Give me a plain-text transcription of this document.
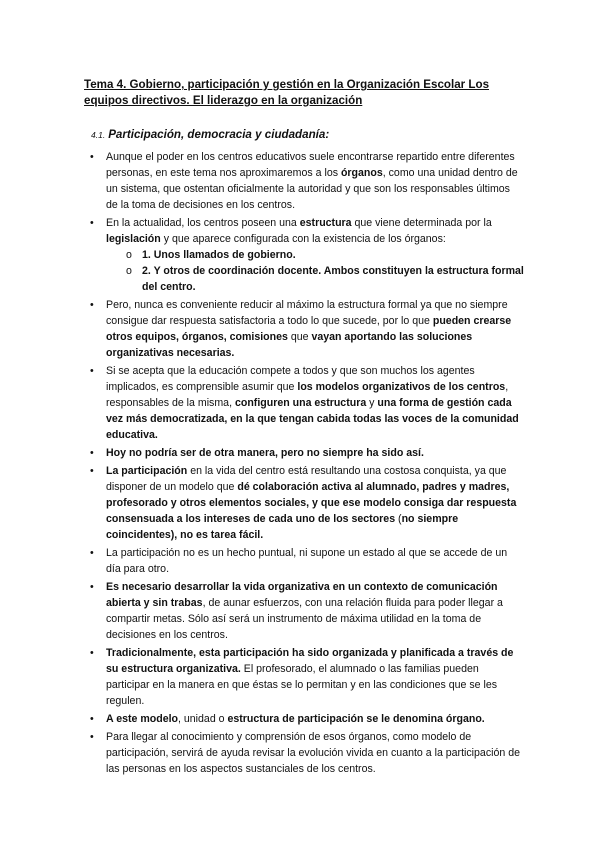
Tema 4. Gobierno, participación y gestión en la Organización Escolar Los equipos directivos. El liderazgo en la organización
4.1. Participación, democracia y ciudadanía:
• Aunque el poder en los centros educativos suele encontrarse repartido entre diferentes personas, en este tema nos aproximaremos a los órganos, como una unidad dentro de un sistema, que ostentan oficialmente la autoridad y que son los responsables últimos de la toma de decisiones en los centros.
• En la actualidad, los centros poseen una estructura que viene determinada por la legislación y que aparece configurada con la existencia de los órganos:
o 1. Unos llamados de gobierno.
o 2. Y otros de coordinación docente. Ambos constituyen la estructura formal del centro.
• Pero, nunca es conveniente reducir al máximo la estructura formal ya que no siempre consigue dar respuesta satisfactoria a todo lo que sucede, por lo que pueden crearse otros equipos, órganos, comisiones que vayan aportando las soluciones organizativas necesarias.
• Si se acepta que la educación compete a todos y que son muchos los agentes implicados, es comprensible asumir que los modelos organizativos de los centros, responsables de la misma, configuren una estructura y una forma de gestión cada vez más democratizada, en la que tengan cabida todas las voces de la comunidad educativa.
• Hoy no podría ser de otra manera, pero no siempre ha sido así.
• La participación en la vida del centro está resultando una costosa conquista, ya que disponer de un modelo que dé colaboración activa al alumnado, padres y madres, profesorado y otros elementos sociales, y que ese modelo consiga dar respuesta consensuada a los intereses de cada uno de los sectores (no siempre coincidentes), no es tarea fácil.
• La participación no es un hecho puntual, ni supone un estado al que se accede de un día para otro.
• Es necesario desarrollar la vida organizativa en un contexto de comunicación abierta y sin trabas, de aunar esfuerzos, con una relación fluida para poder llegar a compartir metas. Sólo así será un instrumento de máxima utilidad en la toma de decisiones en los centros.
• Tradicionalmente, esta participación ha sido organizada y planificada a través de su estructura organizativa. El profesorado, el alumnado o las familias pueden participar en la manera en que éstas se lo permitan y en las condiciones que se les regulen.
• A este modelo, unidad o estructura de participación se le denomina órgano.
• Para llegar al conocimiento y comprensión de esos órganos, como modelo de participación, servirá de ayuda revisar la evolución vivida en cuanto a la participación de las personas en los aspectos sustanciales de los centros.
